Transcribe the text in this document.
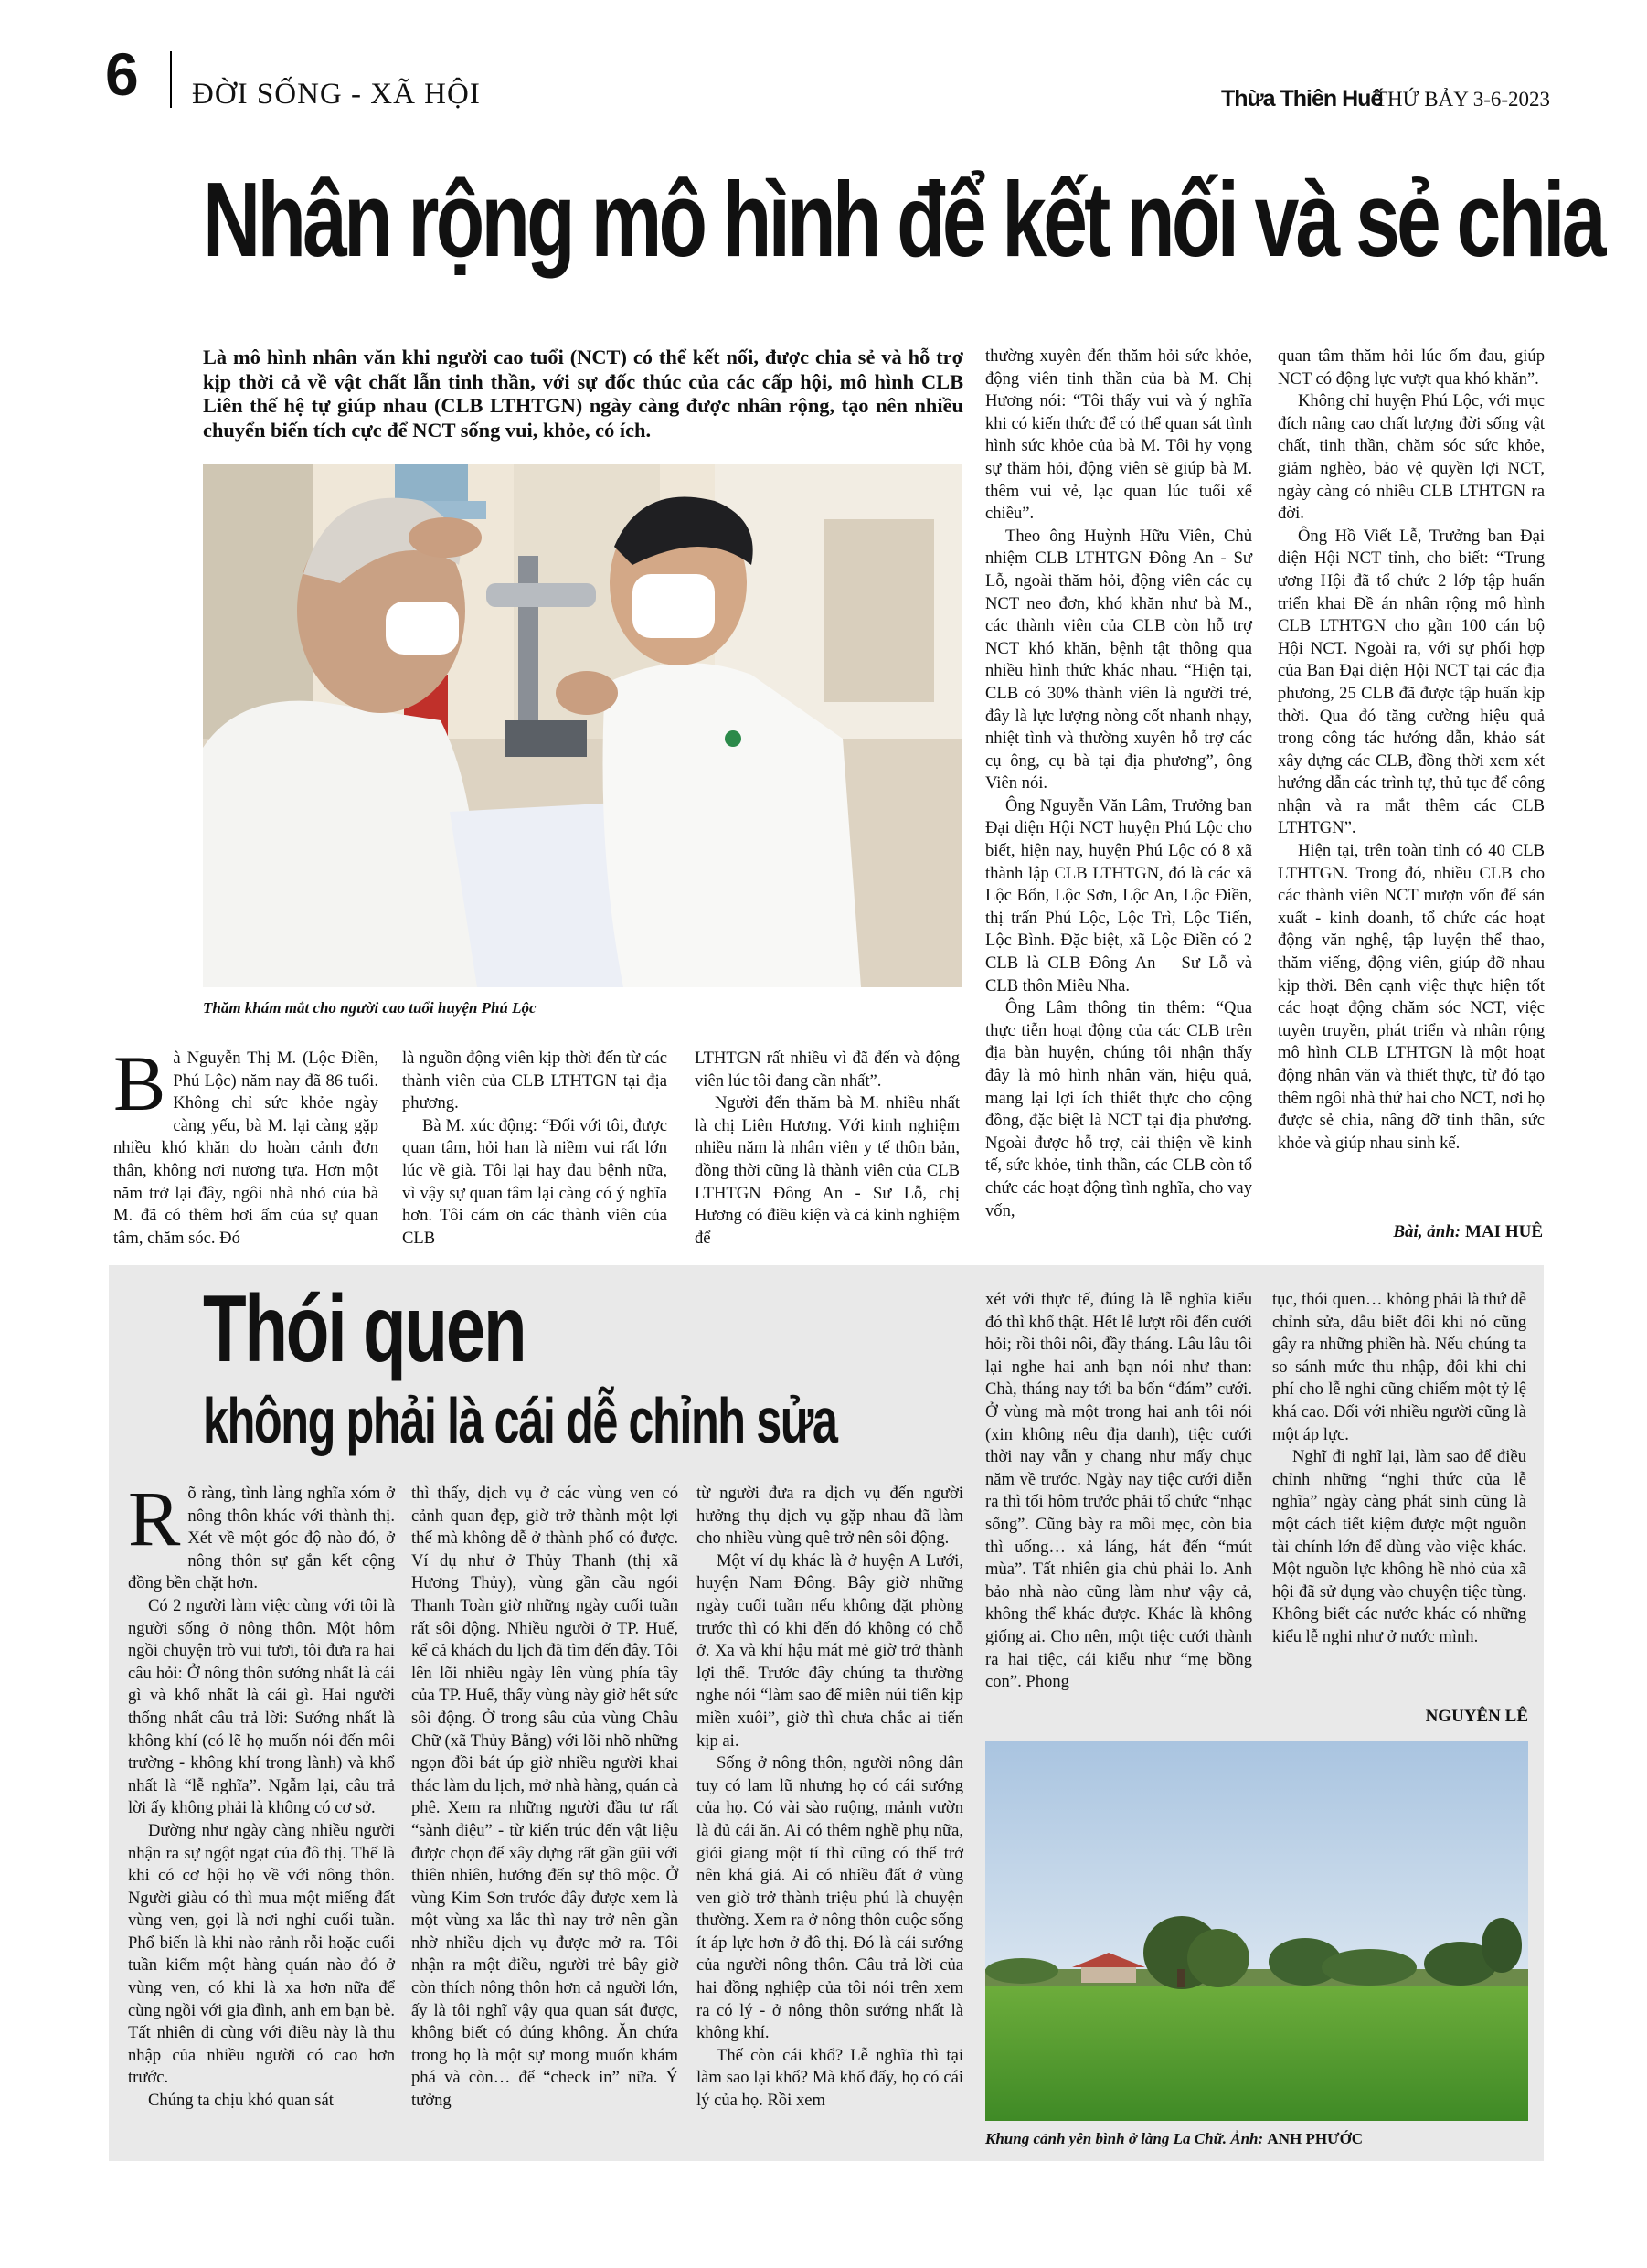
6 ĐỜI SỐNG - XÃ HỘI	Thừa Thiên Huế
THỨ BẢY 3-6-2023
Nhân rộng mô hình để kết nối và sẻ chia

Là mô hình nhân văn khi người cao tuổi (NCT) có thể kết nối, được chia sẻ và hỗ trợ kịp thời cả về vật chất lẫn tinh thần, với sự đốc thúc của các cấp hội, mô hình CLB Liên thế hệ tự giúp nhau (CLB LTHTGN) ngày càng được nhân rộng, tạo nên nhiều chuyển biến tích cực để NCT sống vui, khỏe, có ích.

Thăm khám mắt cho người cao tuổi huyện Phú Lộc
B à Nguyễn Thị M. (Lộc Điền, Phú Lộc) năm nay đã 86 tuổi. Không chỉ sức khỏe ngày càng yếu, bà M. lại càng gặp nhiều khó khăn do hoàn cảnh đơn thân, không nơi nương tựa. Hơn một năm trở lại đây, ngôi nhà nhỏ của bà M. đã có thêm hơi ấm của sự quan tâm, chăm sóc. Đó

là nguồn động viên kịp thời đến từ các thành viên của CLB LTHTGN tại địa phương.

Bà M. xúc động: “Đối với tôi, được quan tâm, hỏi han là niềm vui rất lớn lúc về già. Tôi lại hay đau bệnh nữa, vì vậy sự quan tâm lại càng có ý nghĩa hơn. Tôi cám ơn các thành viên của CLB

LTHTGN rất nhiều vì đã đến và động viên lúc tôi đang cần nhất”.

Người đến thăm bà M. nhiều nhất là chị Liên Hương. Với kinh nghiệm nhiều năm là nhân viên y tế thôn bản, đồng thời cũng là thành viên của CLB LTHTGN Đông An - Sư Lỗ, chị Hương có điều kiện và cả kinh nghiệm để

thường xuyên đến thăm hỏi sức khỏe, động viên tinh thần của bà M. Chị Hương nói: “Tôi thấy vui và ý nghĩa khi có kiến thức để có thể quan sát tình hình sức khỏe của bà M. Tôi hy vọng sự thăm hỏi, động viên sẽ giúp bà M. thêm vui vẻ, lạc quan lúc tuổi xế chiều”.

Theo ông Huỳnh Hữu Viên, Chủ nhiệm CLB LTHTGN Đông An - Sư Lỗ, ngoài thăm hỏi, động viên các cụ NCT neo đơn, khó khăn như bà M., các thành viên của CLB còn hỗ trợ NCT khó khăn, bệnh tật thông qua nhiều hình thức khác nhau. “Hiện tại, CLB có 30% thành viên là người trẻ, đây là lực lượng nòng cốt nhanh nhạy, nhiệt tình và thường xuyên hỗ trợ các cụ ông, cụ bà tại địa phương”, ông Viên nói.

Ông Nguyễn Văn Lâm, Trưởng ban Đại diện Hội NCT huyện Phú Lộc cho biết, hiện nay, huyện Phú Lộc có 8 xã thành lập CLB LTHTGN, đó là các xã Lộc Bổn, Lộc Sơn, Lộc An, Lộc Điền, thị trấn Phú Lộc, Lộc Trì, Lộc Tiến, Lộc Bình. Đặc biệt, xã Lộc Điền có 2 CLB là CLB Đông An – Sư Lỗ và CLB thôn Miêu Nha.

Ông Lâm thông tin thêm: “Qua thực tiễn hoạt động của các CLB trên địa bàn huyện, chúng tôi nhận thấy đây là mô hình nhân văn, hiệu quả, mang lại lợi ích thiết thực cho cộng đồng, đặc biệt là NCT tại địa phương. Ngoài được hỗ trợ, cải thiện về kinh tế, sức khỏe, tinh thần, các CLB còn tổ chức các hoạt động tình nghĩa, cho vay vốn,

quan tâm thăm hỏi lúc ốm đau, giúp NCT có động lực vượt qua khó khăn”.

Không chỉ huyện Phú Lộc, với mục đích nâng cao chất lượng đời sống vật chất, tinh thần, chăm sóc sức khỏe, giảm nghèo, bảo vệ quyền lợi NCT, ngày càng có nhiều CLB LTHTGN ra đời.

Ông Hồ Viết Lễ, Trưởng ban Đại diện Hội NCT tỉnh, cho biết: “Trung ương Hội đã tổ chức 2 lớp tập huấn triển khai Đề án nhân rộng mô hình CLB LTHTGN cho gần 100 cán bộ Hội NCT. Ngoài ra, với sự phối hợp của Ban Đại diện Hội NCT tại các địa phương, 25 CLB đã được tập huấn kịp thời. Qua đó tăng cường hiệu quả trong công tác hướng dẫn, khảo sát xây dựng các CLB, đồng thời xem xét hướng dẫn các trình tự, thủ tục để công nhận và ra mắt thêm các CLB LTHTGN”.

Hiện tại, trên toàn tỉnh có 40 CLB LTHTGN. Trong đó, nhiều CLB cho các thành viên NCT mượn vốn để sản xuất - kinh doanh, tổ chức các hoạt động văn nghệ, tập luyện thể thao, thăm viếng, động viên, giúp đỡ nhau kịp thời. Bên cạnh việc thực hiện tốt các hoạt động chăm sóc NCT, việc tuyên truyền, phát triển và nhân rộng mô hình CLB LTHTGN là một hoạt động nhân văn và thiết thực, từ đó tạo thêm ngôi nhà thứ hai cho NCT, nơi họ được sẻ chia, nâng đỡ tinh thần, sức khỏe và giúp nhau sinh kế.

Bài, ảnh: MAI HUÊ
Thói quen
không phải là cái dễ chỉnh sửa
R õ ràng, tình làng nghĩa xóm ở nông thôn khác với thành thị. Xét về một góc độ nào đó, ở nông thôn sự gắn kết cộng đồng bền chặt hơn.

Có 2 người làm việc cùng với tôi là người sống ở nông thôn. Một hôm ngồi chuyện trò vui tươi, tôi đưa ra hai câu hỏi: Ở nông thôn sướng nhất là cái gì và khổ nhất là cái gì. Hai người thống nhất câu trả lời: Sướng nhất là không khí (có lẽ họ muốn nói đến môi trường - không khí trong lành) và khổ nhất là “lễ nghĩa”. Ngẫm lại, câu trả lời ấy không phải là không có cơ sở.

Dường như ngày càng nhiều người nhận ra sự ngột ngạt của đô thị. Thế là khi có cơ hội họ về với nông thôn. Người giàu có thì mua một miếng đất vùng ven, gọi là nơi nghỉ cuối tuần. Phổ biến là khi nào rảnh rỗi hoặc cuối tuần kiếm một hàng quán nào đó ở vùng ven, có khi là xa hơn nữa để cùng ngồi với gia đình, anh em bạn bè. Tất nhiên đi cùng với điều này là thu nhập của nhiều người có cao hơn trước.

Chúng ta chịu khó quan sát

thì thấy, dịch vụ ở các vùng ven có cảnh quan đẹp, giờ trở thành một lợi thế mà không dễ ở thành phố có được. Ví dụ như ở Thủy Thanh (thị xã Hương Thủy), vùng gần cầu ngói Thanh Toàn giờ những ngày cuối tuần rất sôi động. Nhiều người ở TP. Huế, kể cả khách du lịch đã tìm đến đây. Tôi lên lõi nhiều ngày lên vùng phía tây của TP. Huế, thấy vùng này giờ hết sức sôi động. Ở trong sâu của vùng Châu Chữ (xã Thủy Bằng) với lõi nhõ những ngọn đồi bát úp giờ nhiều người khai thác làm du lịch, mở nhà hàng, quán cà phê. Xem ra những người đầu tư rất “sành điệu” - từ kiến trúc đến vật liệu được chọn để xây dựng rất gần gũi với thiên nhiên, hướng đến sự thô mộc. Ở vùng Kim Sơn trước đây được xem là một vùng xa lắc thì nay trở nên gần nhờ nhiều dịch vụ được mở ra. Tôi nhận ra một điều, người trẻ bây giờ còn thích nông thôn hơn cả người lớn, ấy là tôi nghĩ vậy qua quan sát được, không biết có đúng không. Ăn chứa trong họ là một sự mong muốn khám phá và còn… để “check in” nữa. Ý tưởng

từ người đưa ra dịch vụ đến người hưởng thụ dịch vụ gặp nhau đã làm cho nhiều vùng quê trở nên sôi động.

Một ví dụ khác là ở huyện A Lưới, huyện Nam Đông. Bây giờ những ngày cuối tuần nếu không đặt phòng trước thì có khi đến đó không có chỗ ở. Xa và khí hậu mát mẻ giờ trở thành lợi thế. Trước đây chúng ta thường nghe nói “làm sao để miền núi tiến kịp miền xuôi”, giờ thì chưa chắc ai tiến kịp ai.

Sống ở nông thôn, người nông dân tuy có lam lũ nhưng họ có cái sướng của họ. Có vài sào ruộng, mảnh vườn là đủ cái ăn. Ai có thêm nghề phụ nữa, giỏi giang một tí thì cũng có thể trở nên khá giả. Ai có nhiều đất ở vùng ven giờ trở thành triệu phú là chuyện thường. Xem ra ở nông thôn cuộc sống ít áp lực hơn ở đô thị. Đó là cái sướng của người nông thôn. Câu trả lời của hai đồng nghiệp của tôi nói trên xem ra có lý - ở nông thôn sướng nhất là không khí.

Thế còn cái khổ? Lễ nghĩa thì tại làm sao lại khổ? Mà khổ đấy, họ có cái lý của họ. Rồi xem

xét với thực tế, đúng là lễ nghĩa kiểu đó thì khổ thật. Hết lễ lượt rồi đến cưới hỏi; rồi thôi nôi, đầy tháng. Lâu lâu tôi lại nghe hai anh bạn nói như than: Chà, tháng nay tới ba bốn “đám” cưới. Ở vùng mà một trong hai anh tôi nói (xin không nêu địa danh), tiệc cưới thời nay vẫn y chang như mấy chục năm về trước. Ngày nay tiệc cưới diễn ra thì tối hôm trước phải tổ chức “nhạc sống”. Cũng bày ra mồi mẹc, còn bia thì uống… xả láng, hát đến “mút mùa”. Tất nhiên gia chủ phải lo. Anh bảo nhà nào cũng làm như vậy cả, không thể khác được. Khác là không giống ai. Cho nên, một tiệc cưới thành ra hai tiệc, cái kiểu như “mẹ bồng con”. Phong

tục, thói quen… không phải là thứ dễ chỉnh sửa, dẫu biết đôi khi nó cũng gây ra những phiền hà. Nếu chúng ta so sánh mức thu nhập, đôi khi chi phí cho lễ nghi cũng chiếm một tỷ lệ khá cao. Đối với nhiều người cũng là một áp lực.

Nghĩ đi nghĩ lại, làm sao để điều chỉnh những “nghi thức của lễ nghĩa” ngày càng phát sinh cũng là một cách tiết kiệm được một nguồn tài chính lớn để dùng vào việc khác. Một nguồn lực không hề nhỏ của xã hội đã sử dụng vào chuyện tiệc tùng. Không biết các nước khác có những kiểu lễ nghi như ở nước mình.

NGUYÊN LÊ
Khung cảnh yên bình ở làng La Chữ. Ảnh: ANH PHƯỚC
